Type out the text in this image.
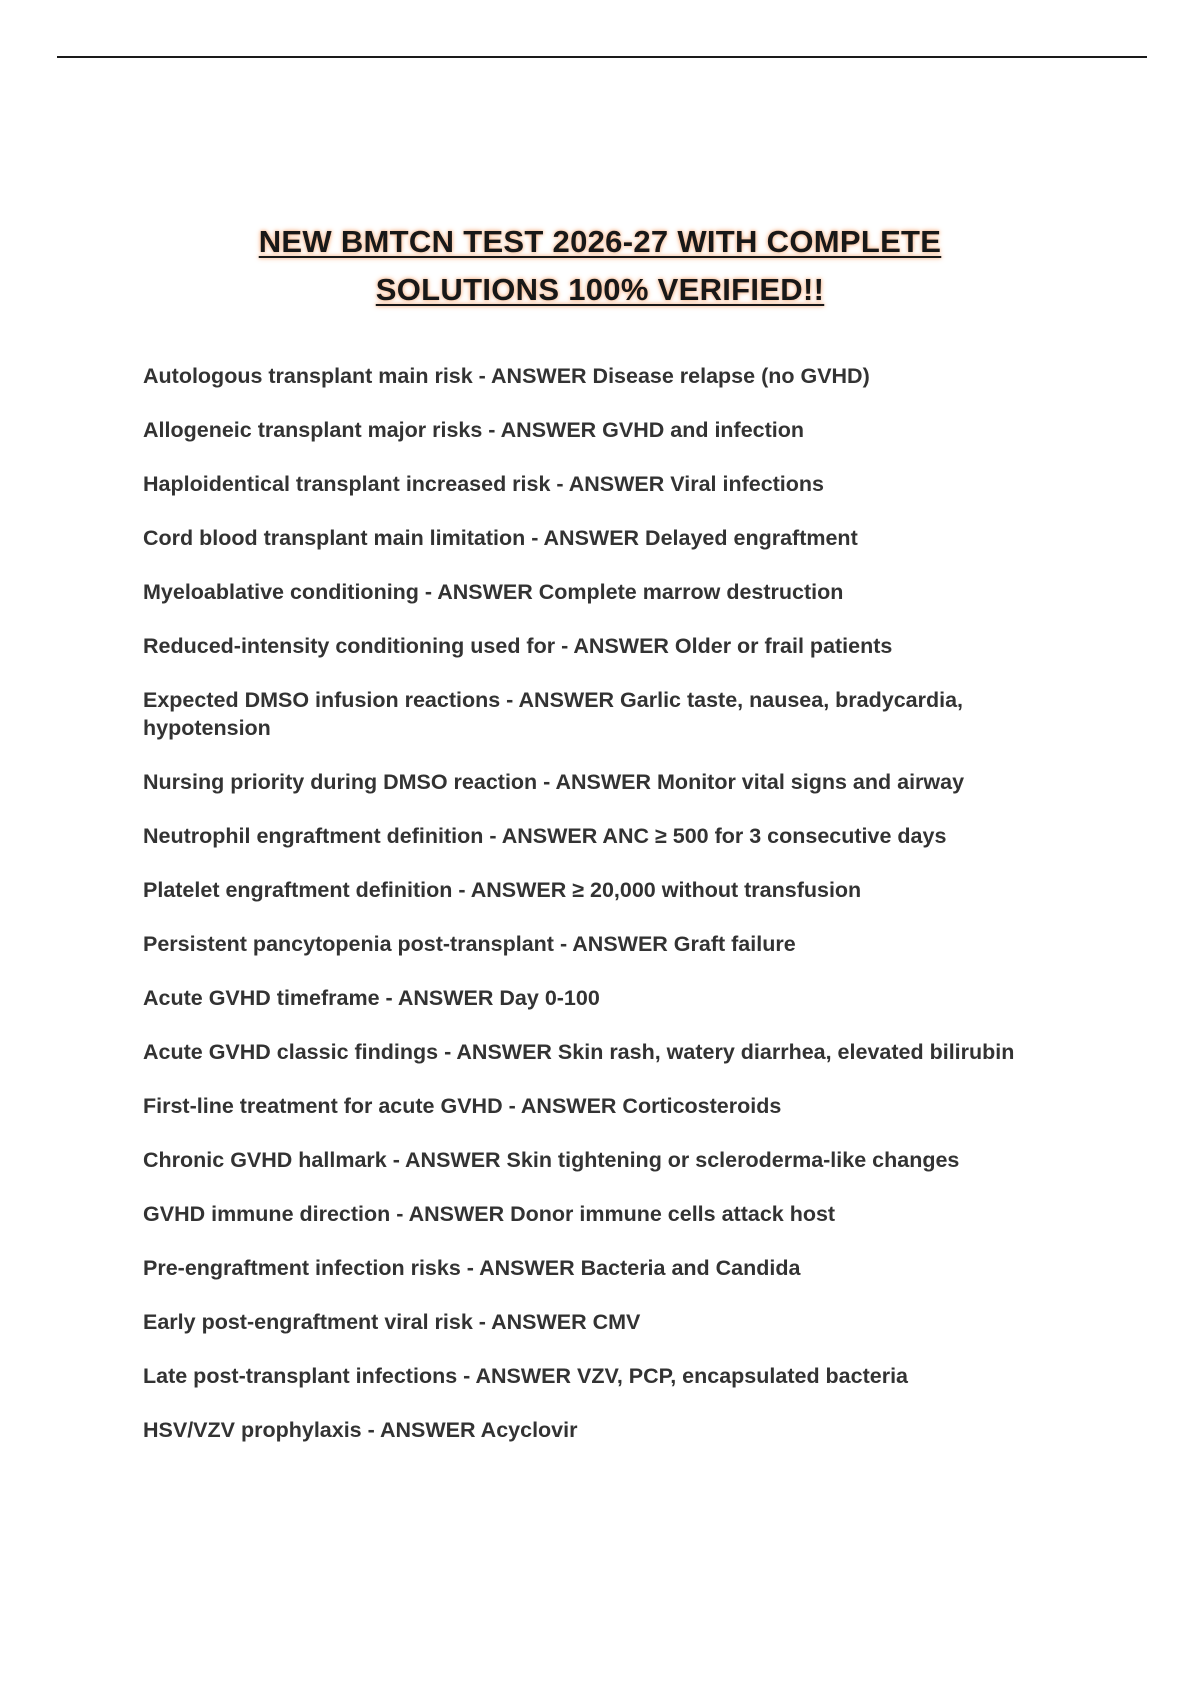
NEW BMTCN TEST 2026-27 WITH COMPLETE
SOLUTIONS 100% VERIFIED!!
Autologous transplant main risk - ANSWER Disease relapse (no GVHD)
Allogeneic transplant major risks - ANSWER GVHD and infection
Haploidentical transplant increased risk - ANSWER Viral infections
Cord blood transplant main limitation - ANSWER Delayed engraftment
Myeloablative conditioning - ANSWER Complete marrow destruction
Reduced-intensity conditioning used for - ANSWER Older or frail patients
Expected DMSO infusion reactions - ANSWER Garlic taste, nausea, bradycardia, hypotension
Nursing priority during DMSO reaction - ANSWER Monitor vital signs and airway
Neutrophil engraftment definition - ANSWER ANC ≥ 500 for 3 consecutive days
Platelet engraftment definition - ANSWER ≥ 20,000 without transfusion
Persistent pancytopenia post-transplant - ANSWER Graft failure
Acute GVHD timeframe - ANSWER Day 0-100
Acute GVHD classic findings - ANSWER Skin rash, watery diarrhea, elevated bilirubin
First-line treatment for acute GVHD - ANSWER Corticosteroids
Chronic GVHD hallmark - ANSWER Skin tightening or scleroderma-like changes
GVHD immune direction - ANSWER Donor immune cells attack host
Pre-engraftment infection risks - ANSWER Bacteria and Candida
Early post-engraftment viral risk - ANSWER CMV
Late post-transplant infections - ANSWER VZV, PCP, encapsulated bacteria
HSV/VZV prophylaxis - ANSWER Acyclovir
